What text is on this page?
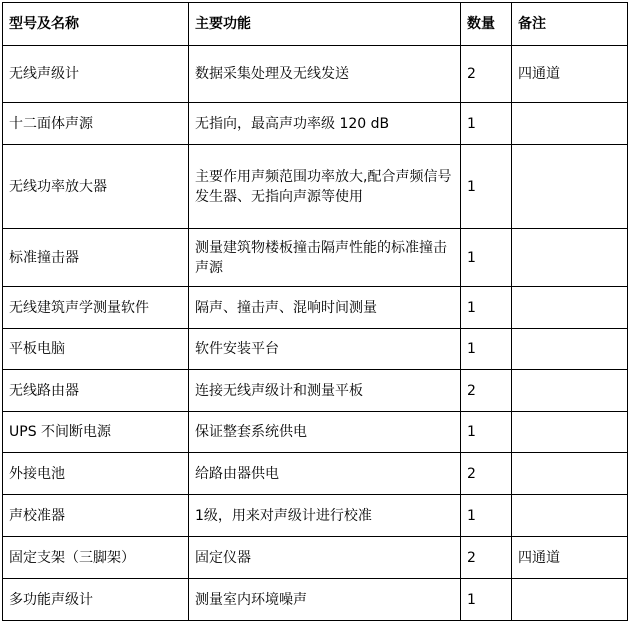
型号及名称	主要功能	数量	备注
无线声级计	数据采集处理及无线发送	2	四通道
十二面体声源	无指向，最高声功率级 120 dB	1	
无线功率放大器	主要作用声频范围功率放大,配合声频信号发生器、无指向声源等使用	1	
标准撞击器	测量建筑物楼板撞击隔声性能的标准撞击声源	1	
无线建筑声学测量软件	隔声、撞击声、混响时间测量	1	
平板电脑	软件安装平台	1	
无线路由器	连接无线声级计和测量平板	2	
UPS 不间断电源	保证整套系统供电	1	
外接电池	给路由器供电	2	
声校准器	1级，用来对声级计进行校准	1	
固定支架（三脚架）	固定仪器	2	四通道
多功能声级计	测量室内环境噪声	1	
